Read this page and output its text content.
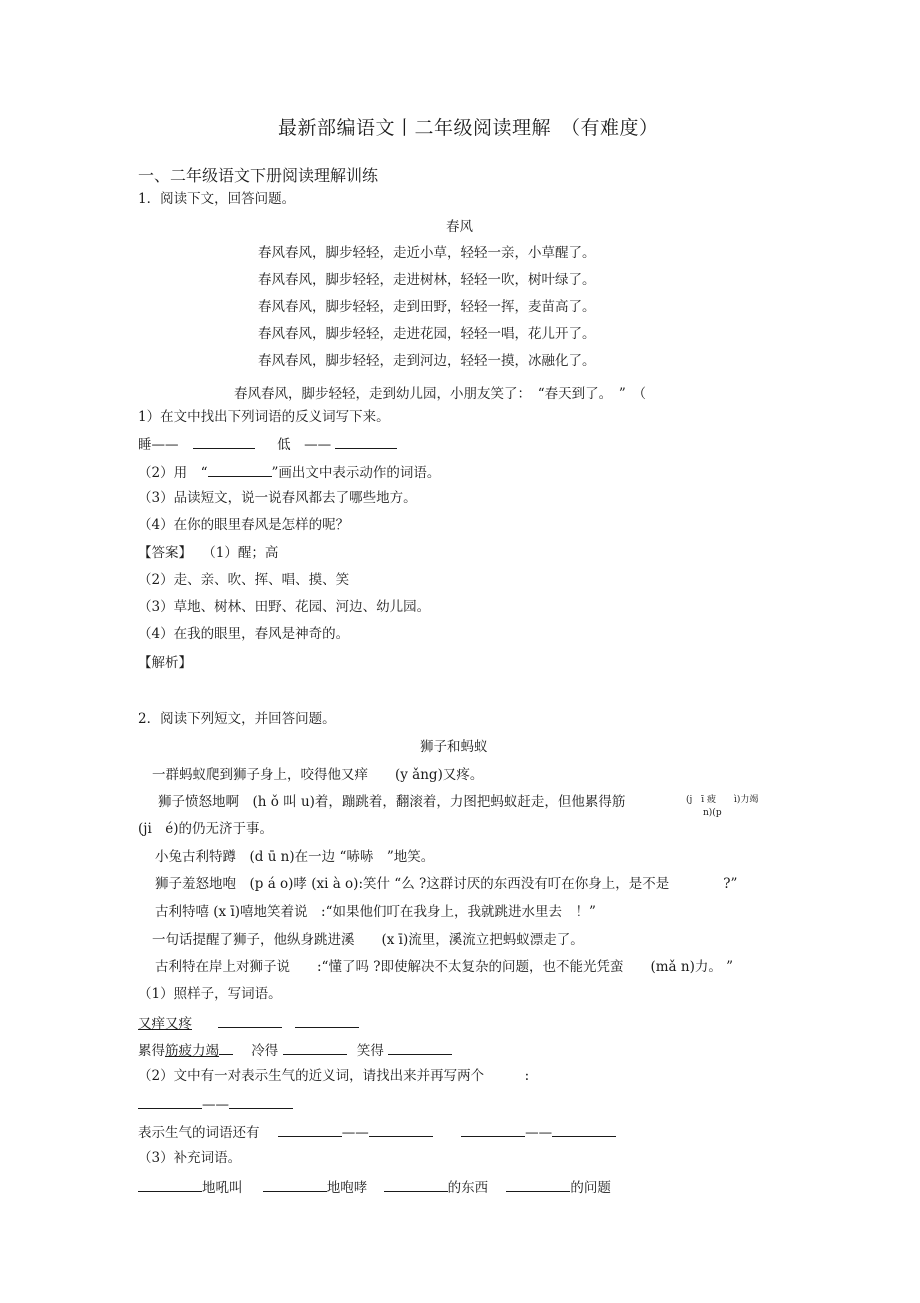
最新部编语文丨二年级阅读理解　（有难度）
一、二年级语文下册阅读理解训练
1．阅读下文，回答问题。
春风
春风春风，脚步轻轻，走近小草，轻轻一亲，小草醒了。
春风春风，脚步轻轻，走进树林，轻轻一吹，树叶绿了。
春风春风，脚步轻轻，走到田野，轻轻一挥，麦苗高了。
春风春风，脚步轻轻，走进花园，轻轻一唱，花儿开了。
春风春风，脚步轻轻，走到河边，轻轻一摸，冰融化了。
春风春风，脚步轻轻，走到幼儿园，小朋友笑了：　“春天到了。　”　（
1）在文中找出下列词语的反义词写下来。
睡——	低　——
（2）用　“	”画出文中表示动作的词语。
（3）品读短文，说一说春风都去了哪些地方。
（4）在你的眼里春风是怎样的呢？
【答案】 （1）醒；高
（2）走、亲、吹、挥、唱、摸、笑
（3）草地、树林、田野、花园、河边、幼儿园。
（4）在我的眼里，春风是神奇的。
【解析】
2．阅读下列短文，并回答问题。
狮子和蚂蚁
一群蚂蚁爬到狮子身上，咬得他又痒　　(y ǎng)又疼。
狮子愤怒地啊　(h ǒ 叫 u)着，蹦跳着，翻滚着，力图把蚂蚁赶走，但他累得筋	(j　ī 疲　　ì)力竭
n)(p
(ji　é)的仍无济于事。
小兔古利特蹲　(d ū n)在一边 “哧哧　”地笑。
狮子羞怒地咆　(p á o)哮 (xi à o):笑什 “么 ?这群讨厌的东西没有叮在你身上，是不是　　　　?”
古利特嘻 (x ī)嘻地笑着说　:“如果他们叮在我身上，我就跳进水里去　！”
一句话提醒了狮子，他纵身跳进溪　　(x ī)流里，溪流立把蚂蚁漂走了。
古利特在岸上对狮子说　　:“懂了吗 ?即使解决不太复杂的问题，也不能光凭蛮　　(mǎ n)力。 ”
（1）照样子，写词语。
又痒又疼
累得筋疲力竭 冷得	笑得
（2）文中有一对表示生气的近义词，请找出来并再写两个　　　:
——
表示生气的词语还有	——	——
（3）补充词语。
地吼叫	地咆哮	的东西	的问题
